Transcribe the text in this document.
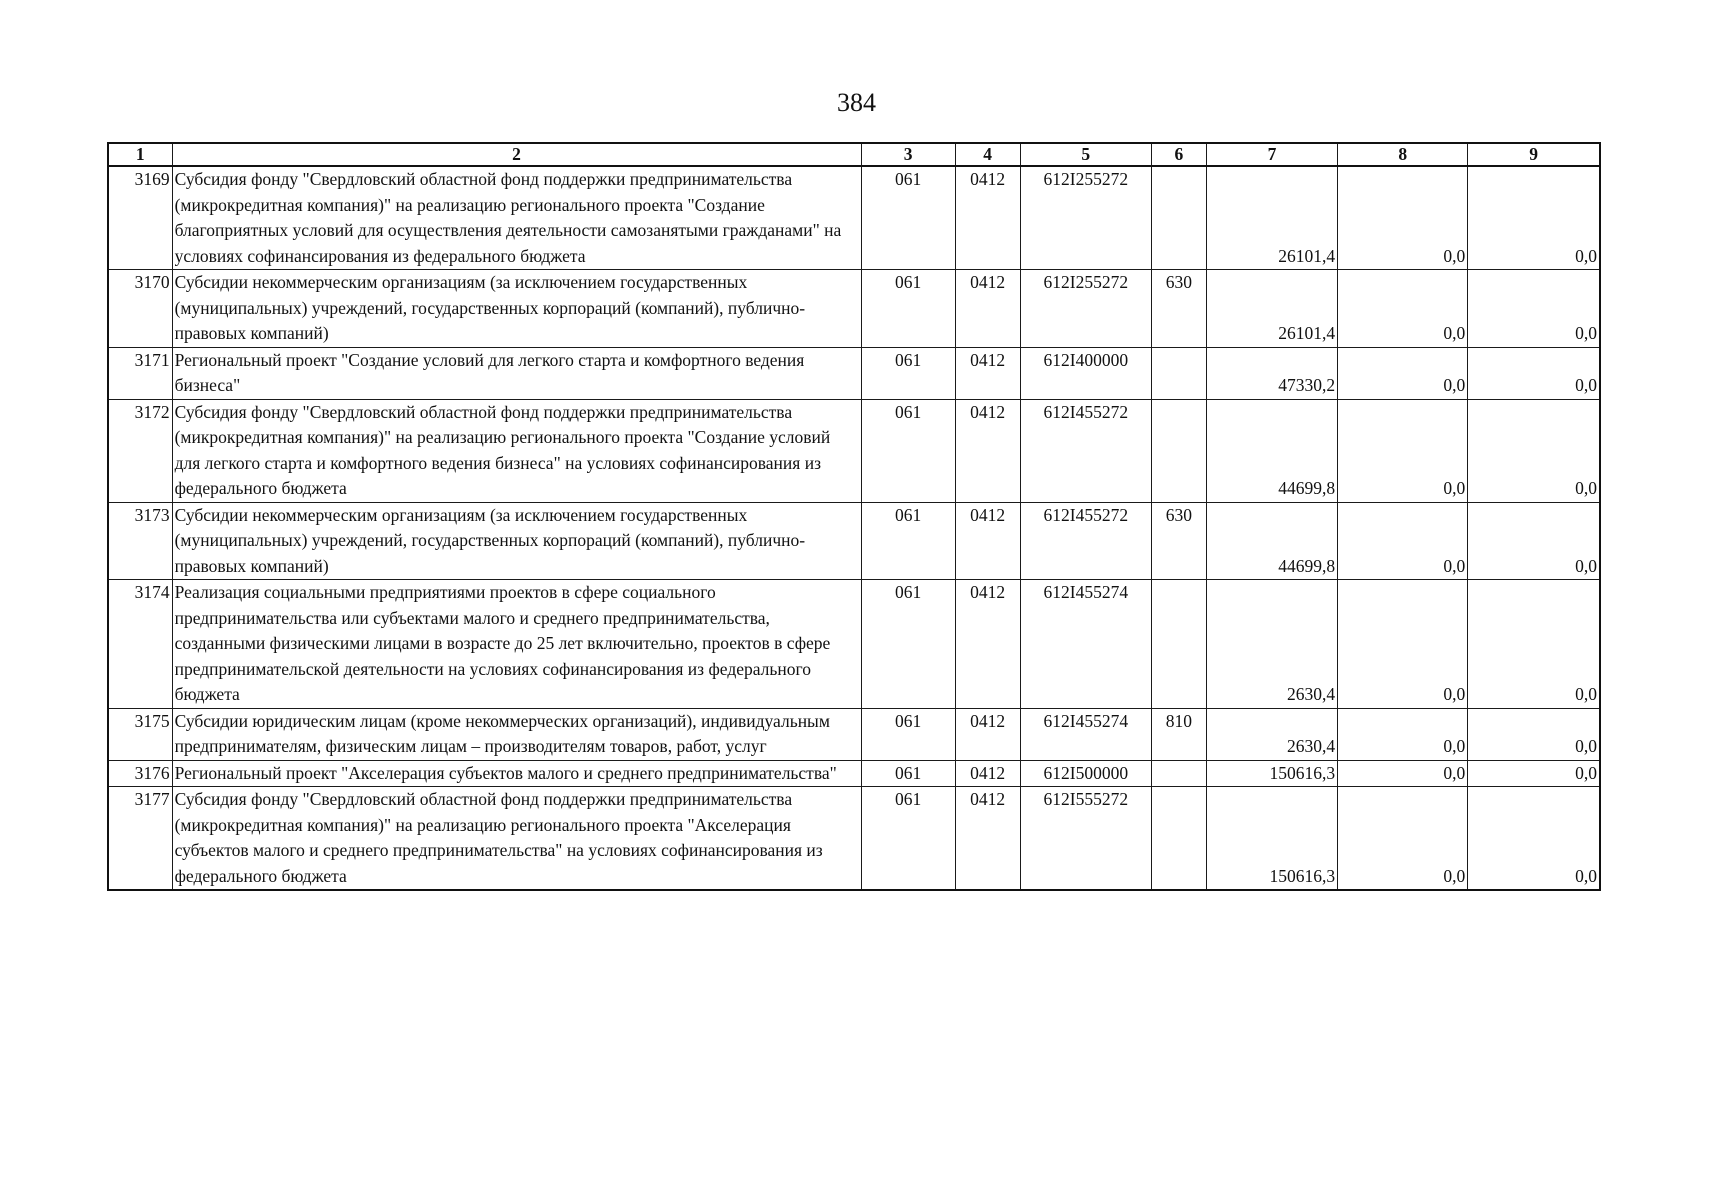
384
1	2	3	4	5	6	7	8	9
3169	Субсидия фонду "Свердловский областной фонд поддержки предпринимательства (микрокредитная компания)" на реализацию регионального проекта "Создание благоприятных условий для осуществления деятельности самозанятыми гражданами" на условиях софинансирования из федерального бюджета	061	0412	612I255272		26101,4	0,0	0,0
3170	Субсидии некоммерческим организациям (за исключением государственных (муниципальных) учреждений, государственных корпораций (компаний), публично-правовых компаний)	061	0412	612I255272	630	26101,4	0,0	0,0
3171	Региональный проект "Создание условий для легкого старта и комфортного ведения бизнеса"	061	0412	612I400000		47330,2	0,0	0,0
3172	Субсидия фонду "Свердловский областной фонд поддержки предпринимательства (микрокредитная компания)" на реализацию регионального проекта "Создание условий для легкого старта и комфортного ведения бизнеса" на условиях софинансирования из федерального бюджета	061	0412	612I455272		44699,8	0,0	0,0
3173	Субсидии некоммерческим организациям (за исключением государственных (муниципальных) учреждений, государственных корпораций (компаний), публично-правовых компаний)	061	0412	612I455272	630	44699,8	0,0	0,0
3174	Реализация социальными предприятиями проектов в сфере социального предпринимательства или субъектами малого и среднего предпринимательства, созданными физическими лицами в возрасте до 25 лет включительно, проектов в сфере предпринимательской деятельности на условиях софинансирования из федерального бюджета	061	0412	612I455274		2630,4	0,0	0,0
3175	Субсидии юридическим лицам (кроме некоммерческих организаций), индивидуальным предпринимателям, физическим лицам – производителям товаров, работ, услуг	061	0412	612I455274	810	2630,4	0,0	0,0
3176	Региональный проект "Акселерация субъектов малого и среднего предпринимательства"	061	0412	612I500000		150616,3	0,0	0,0
3177	Субсидия фонду "Свердловский областной фонд поддержки предпринимательства (микрокредитная компания)" на реализацию регионального проекта "Акселерация субъектов малого и среднего предпринимательства" на условиях софинансирования из федерального бюджета	061	0412	612I555272		150616,3	0,0	0,0
